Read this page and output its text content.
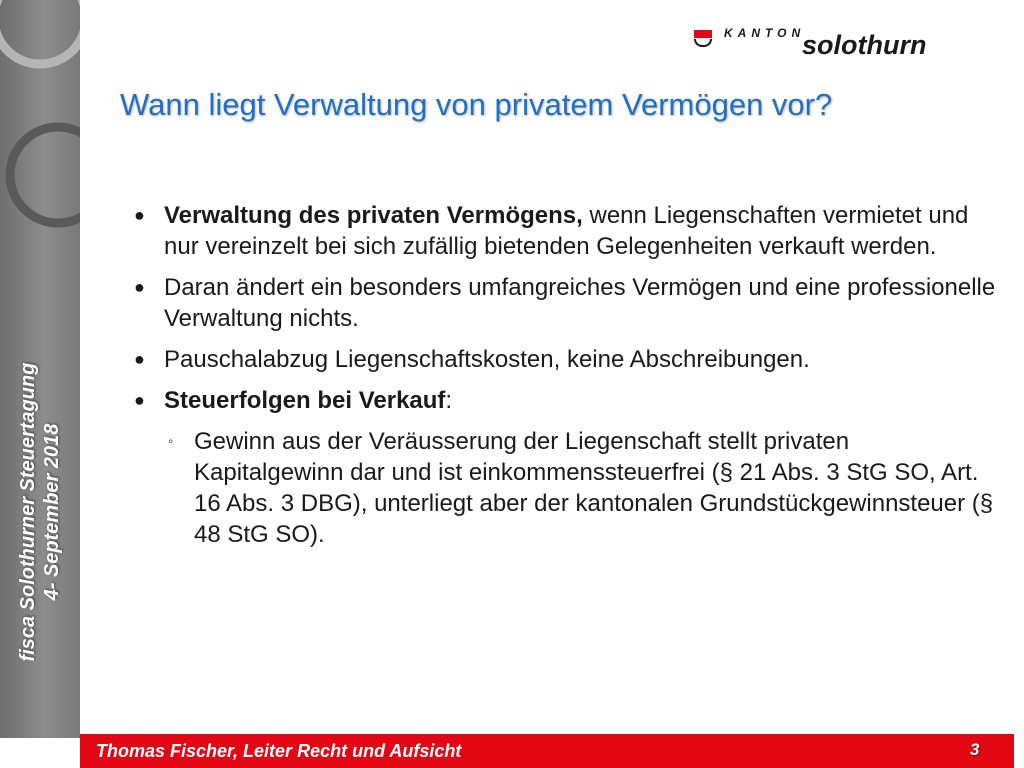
fisca Solothurner Steuertagung 4- September 2018
KANTON
solothurn
Wann liegt Verwaltung von privatem Vermögen vor?
● Verwaltung des privaten Vermögens, wenn Liegenschaften vermietet und nur vereinzelt bei sich zufällig bietenden Gelegenheiten verkauft werden.
● Daran ändert ein besonders umfangreiches Vermögen und eine professionelle Verwaltung nichts.
● Pauschalabzug Liegenschaftskosten, keine Abschreibungen.
● Steuerfolgen bei Verkauf:
◦ Gewinn aus der Veräusserung der Liegenschaft stellt privaten Kapitalgewinn dar und ist einkommenssteuerfrei (§ 21 Abs. 3 StG SO, Art. 16 Abs. 3 DBG), unterliegt aber der kantonalen Grundstückgewinnsteuer (§ 48 StG SO).
Thomas Fischer, Leiter Recht und Aufsicht	3
